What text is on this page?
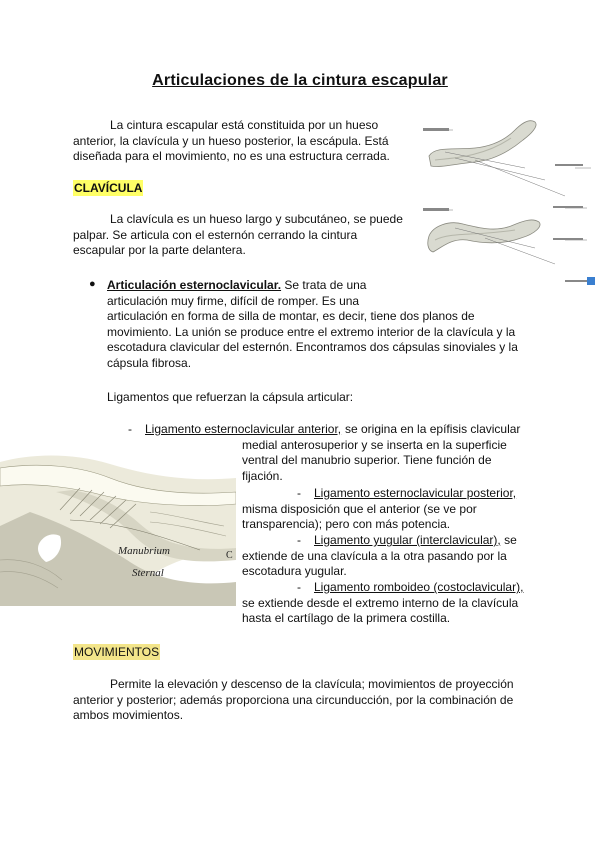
Articulaciones de la cintura escapular
La cintura escapular está constituida por un hueso anterior, la clavícula y un hueso posterior, la escápula. Está diseñada para el movimiento, no es una estructura cerrada.
CLAVÍCULA
La clavícula es un hueso largo y subcutáneo, se puede palpar. Se articula con el esternón cerrando la cintura escapular por la parte delantera.
● Articulación esternoclavicular. Se trata de una
articulación muy firme, difícil de romper. Es una
articulación en forma de silla de montar, es decir, tiene dos planos de movimiento. La unión se produce entre el extremo interior de la clavícula y la escotadura clavicular del esternón. Encontramos dos cápsulas sinoviales y la cápsula fibrosa.
Ligamentos que refuerzan la cápsula articular:
- Ligamento esternoclavicular anterior, se origina en la epífisis clavicular medial anterosuperior y se inserta en la superficie ventral del manubrio superior. Tiene función de fijación.
Manubrium
Sternal
C
-	Ligamento esternoclavicular posterior, misma disposición que el anterior (se ve por transparencia); pero con más potencia.
-	Ligamento yugular (interclavicular), se extiende de una clavícula a la otra pasando por la escotadura yugular.
-	Ligamento romboideo (costoclavicular), se extiende desde el extremo interno de la clavícula hasta el cartílago de la primera costilla.
MOVIMIENTOS
Permite la elevación y descenso de la clavícula; movimientos de proyección anterior y posterior; además proporciona una circunducción, por la combinación de ambos movimientos.
